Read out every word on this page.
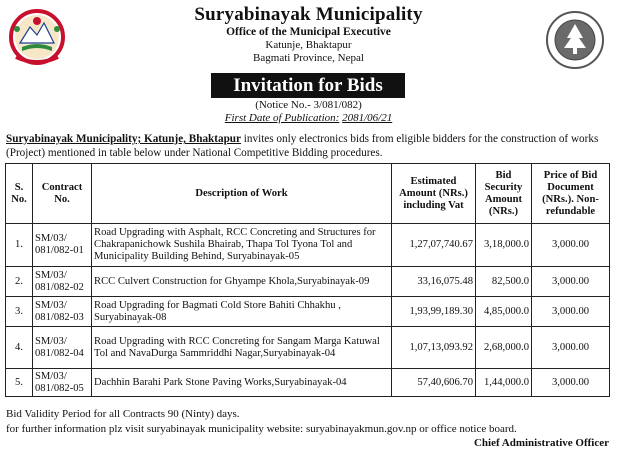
Suryabinayak Municipality
Office of the Municipal Executive
Katunje, Bhaktapur
Bagmati Province, Nepal
Invitation for Bids
(Notice No.- 3/081/082)
First Date of Publication: 2081/06/21
Suryabinayak Municipality; Katunje, Bhaktapur invites only electronics bids from eligible bidders for the construction of works (Project) mentioned in table below under National Competitive Bidding procedures.
S. No.	Contract No.	Description of Work	Estimated Amount (NRs.) including Vat	Bid Security Amount (NRs.)	Price of Bid Document (NRs.). Non-refundable
1.	SM/03/ 081/082-01	Road Upgrading with Asphalt, RCC Concreting and Structures for Chakrapanichowk Sushila Bhairab, Thapa Tol Tyona Tol and Municipality Building Behind, Suryabinayak-05	1,27,07,740.67	3,18,000.0	3,000.00
2.	SM/03/ 081/082-02	RCC Culvert Construction for Ghyampe Khola,Suryabinayak-09	33,16,075.48	82,500.0	3,000.00
3.	SM/03/ 081/082-03	Road Upgrading for Bagmati Cold Store Bahiti Chhakhu , Suryabinayak-08	1,93,99,189.30	4,85,000.0	3,000.00
4.	SM/03/ 081/082-04	Road Upgrading with RCC Concreting for Sangam Marga Katuwal Tol and NavaDurga Sammriddhi Nagar,Suryabinayak-04	1,07,13,093.92	2,68,000.0	3,000.00
5.	SM/03/ 081/082-05	Dachhin Barahi Park Stone Paving Works,Suryabinayak-04	57,40,606.70	1,44,000.0	3,000.00
Bid Validity Period for all Contracts 90 (Ninty) days.
for further information plz visit suryabinayak municipality website: suryabinayakmun.gov.np or office notice board.
Chief Administrative Officer
